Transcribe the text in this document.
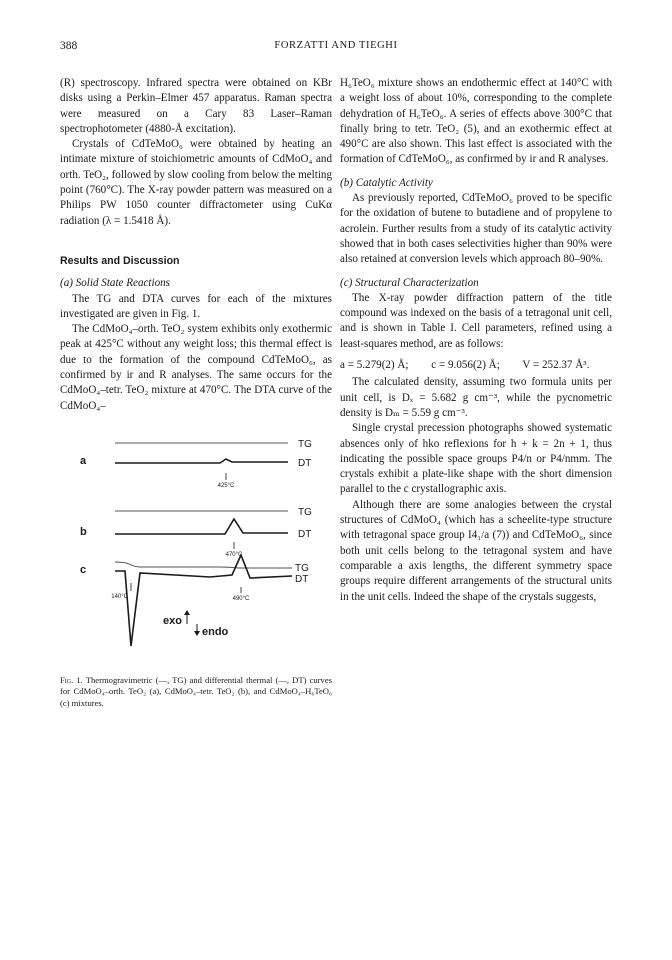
388	FORZATTI AND TIEGHI

(R) spectroscopy. Infrared spectra were obtained on KBr disks using a Perkin–Elmer 457 apparatus. Raman spectra were measured on a Cary 83 Laser–Raman spectrophotometer (4880-Å excitation).

Crystals of CdTeMoO₆ were obtained by heating an intimate mixture of stoichiometric amounts of CdMoO₄ and orth. TeO₂, followed by slow cooling from below the melting point (760°C). The X-ray powder pattern was measured on a Philips PW 1050 counter diffractometer using CuKα radiation (λ = 1.5418 Å).

Results and Discussion

(a) Solid State Reactions

The TG and DTA curves for each of the mixtures investigated are given in Fig. 1.

The CdMoO₄–orth. TeO₂ system exhibits only exothermic peak at 425°C without any weight loss; this thermal effect is due to the formation of the compound CdTeMoO₆, as confirmed by ir and R analyses. The same occurs for the CdMoO₄–tetr. TeO₂ mixture at 470°C. The DTA curve of the CdMoO₄–

a
b
c
TG
DT
TG
DT
TG
DT
425°C
470°C
140°C	490°C
exo
endo

Fig. 1. Thermogravimetric (—, TG) and differential thermal (—, DT) curves for CdMoO₄–orth. TeO₂ (a), CdMoO₄–tetr. TeO₂ (b), and CdMoO₄–H₆TeO₆ (c) mixtures.

H₆TeO₆ mixture shows an endothermic effect at 140°C with a weight loss of about 10%, corresponding to the complete dehydration of H₆TeO₆. A series of effects above 300°C that finally bring to tetr. TeO₂ (5), and an exothermic effect at 490°C are also shown. This last effect is associated with the formation of CdTeMoO₆, as confirmed by ir and R analyses.

(b) Catalytic Activity

As previously reported, CdTeMoO₆ proved to be specific for the oxidation of butene to butadiene and of propylene to acrolein. Further results from a study of its catalytic activity showed that in both cases selectivities higher than 90% were also retained at conversion levels which approach 80–90%.

(c) Structural Characterization

The X-ray powder diffraction pattern of the title compound was indexed on the basis of a tetragonal unit cell, and is shown in Table I. Cell parameters, refined using a least-squares method, are as follows:

a = 5.279(2) Å; c = 9.056(2) Å; V = 252.37 Å³.

The calculated density, assuming two formula units per unit cell, is Dₓ = 5.682 g cm⁻³, while the pycnometric density is Dₘ = 5.59 g cm⁻³.

Single crystal precession photographs showed systematic absences only of hko reflexions for h + k = 2n + 1, thus indicating the possible space groups P4/n or P4/nmm. The crystals exhibit a plate-like shape with the short dimension parallel to the c crystallographic axis.

Although there are some analogies between the crystal structures of CdMoO₄ (which has a scheelite-type structure with tetragonal space group I4₁/a (7)) and CdTeMoO₆, since both unit cells belong to the tetragonal system and have comparable a axis lengths, the different symmetry space groups require different arrangements of the structural units in the unit cells. Indeed the shape of the crystals suggests,
